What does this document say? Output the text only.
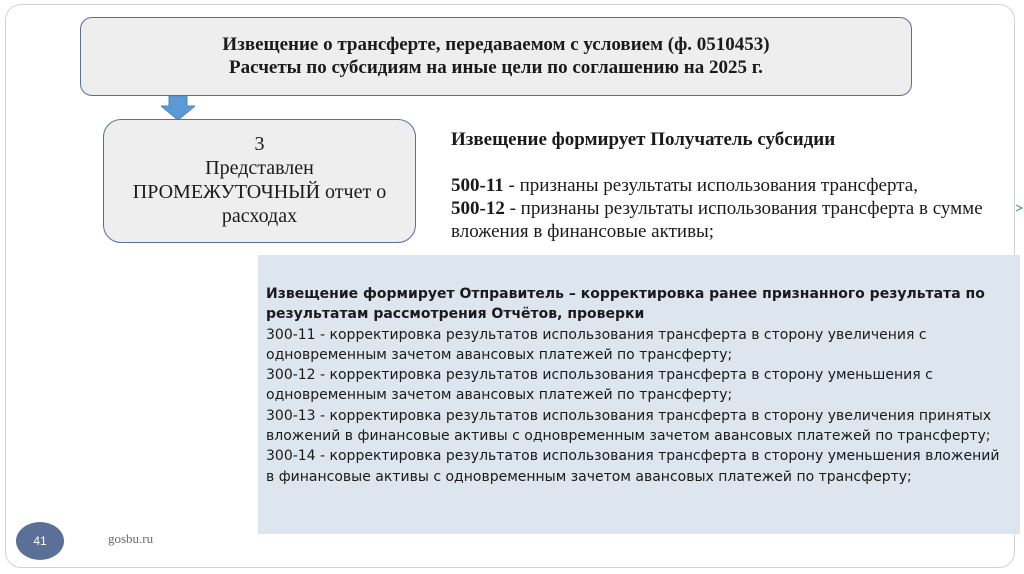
Извещение о трансферте, передаваемом с условием (ф. 0510453)
Расчеты по субсидиям на иные цели по соглашению на 2025 г.
3
Представлен
ПРОМЕЖУТОЧНЫЙ отчет о
расходах
Извещение формирует Получатель субсидии
500-11 - признаны результаты использования трансферта,
500-12 - признаны результаты использования трансферта в сумме вложения в финансовые активы;
Извещение формирует Отправитель – корректировка ранее признанного результата по результатам рассмотрения Отчётов, проверки
300-11 - корректировка результатов использования трансферта в сторону увеличения с одновременным зачетом авансовых платежей по трансферту;
300-12 - корректировка результатов использования трансферта в сторону уменьшения с одновременным зачетом авансовых платежей по трансферту;
300-13 - корректировка результатов использования трансферта в сторону увеличения принятых вложений в финансовые активы с одновременным зачетом авансовых платежей по трансферту;
300-14 - корректировка результатов использования трансферта в сторону уменьшения вложений в финансовые активы с одновременным зачетом авансовых платежей по трансферту;
41	gosbu.ru
